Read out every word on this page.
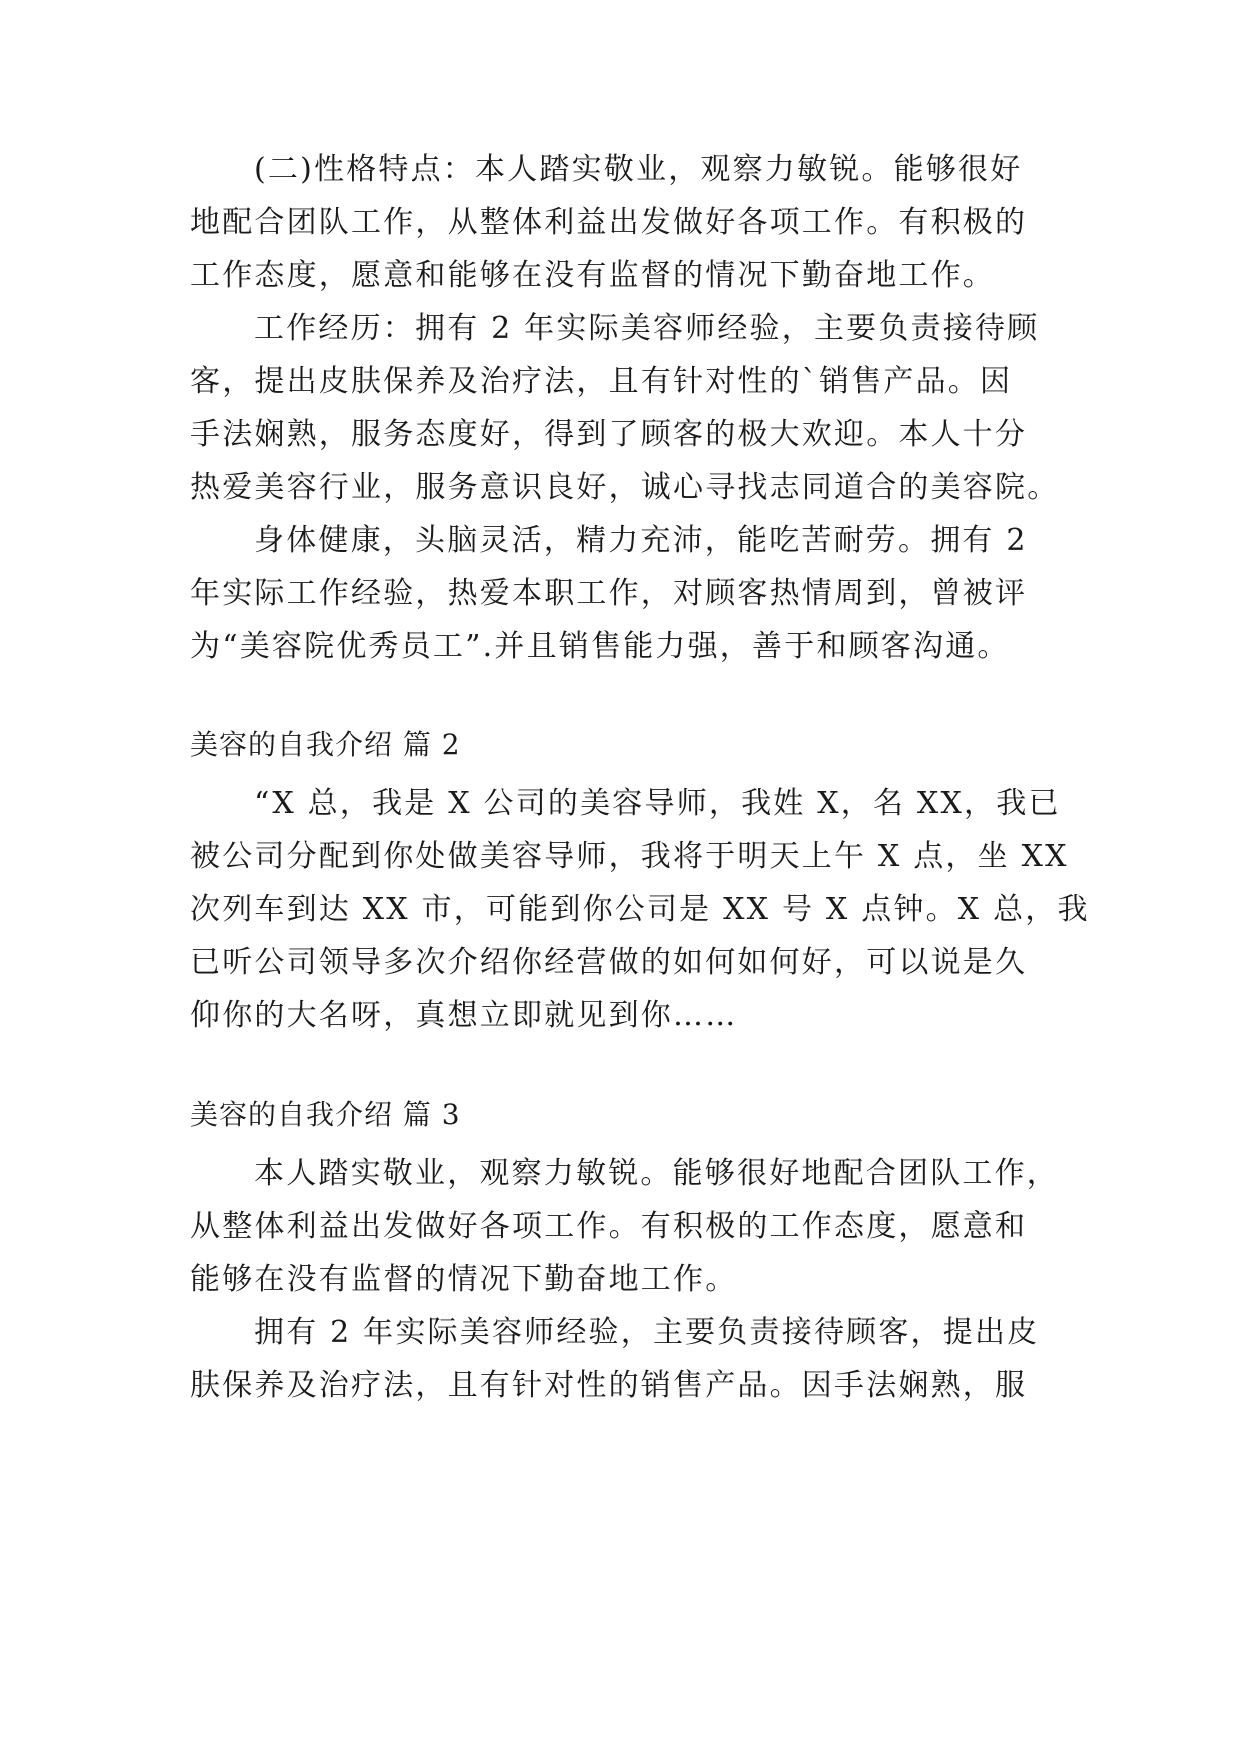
(二)性格特点：本人踏实敬业，观察力敏锐。能够很好

地配合团队工作，从整体利益出发做好各项工作。有积极的

工作态度，愿意和能够在没有监督的情况下勤奋地工作。

工作经历：拥有 2 年实际美容师经验，主要负责接待顾

客，提出皮肤保养及治疗法，且有针对性的`销售产品。因

手法娴熟，服务态度好，得到了顾客的极大欢迎。本人十分

热爱美容行业，服务意识良好，诚心寻找志同道合的美容院。

身体健康，头脑灵活，精力充沛，能吃苦耐劳。拥有 2

年实际工作经验，热爱本职工作，对顾客热情周到，曾被评

为“美容院优秀员工”.并且销售能力强，善于和顾客沟通。

美容的自我介绍 篇 2

“X 总，我是 X 公司的美容导师，我姓 X，名 XX，我已

被公司分配到你处做美容导师，我将于明天上午 X 点，坐 XX

次列车到达 XX 市，可能到你公司是 XX 号 X 点钟。X 总，我

已听公司领导多次介绍你经营做的如何如何好，可以说是久

仰你的大名呀，真想立即就见到你……

美容的自我介绍 篇 3

本人踏实敬业，观察力敏锐。能够很好地配合团队工作，

从整体利益出发做好各项工作。有积极的工作态度，愿意和

能够在没有监督的情况下勤奋地工作。

拥有 2 年实际美容师经验，主要负责接待顾客，提出皮

肤保养及治疗法，且有针对性的销售产品。因手法娴熟，服
